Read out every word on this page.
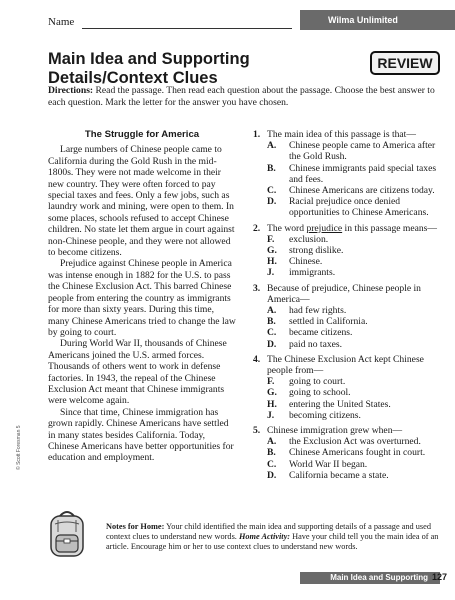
Name	Wilma Unlimited
Main Idea and Supporting Details/Context Clues
REVIEW
Directions: Read the passage. Then read each question about the passage. Choose the best answer to each question. Mark the letter for the answer you have chosen.
The Struggle for America

Large numbers of Chinese people came to California during the Gold Rush in the mid-1800s. They were not made welcome in their new country. They were often forced to pay special taxes and fees. Only a few jobs, such as laundry work and mining, were open to them. In some places, schools refused to accept Chinese children. No state let them argue in court against non-Chinese people, and they were not allowed to become citizens.

Prejudice against Chinese people in America was intense enough in 1882 for the U.S. to pass the Chinese Exclusion Act. This barred Chinese people from entering the country as immigrants for more than sixty years. During this time, many Chinese Americans tried to change the law by going to court.

During World War II, thousands of Chinese Americans joined the U.S. armed forces. Thousands of others went to work in defense factories. In 1943, the repeal of the Chinese Exclusion Act meant that Chinese immigrants were welcome again.

Since that time, Chinese immigration has grown rapidly. Chinese Americans have settled in many states besides California. Today, Chinese Americans have better opportunities for education and employment.

1. The main idea of this passage is that—
A.	Chinese people came to America after the Gold Rush.
B.	Chinese immigrants paid special taxes and fees.
C.	Chinese Americans are citizens today.
D.	Racial prejudice once denied opportunities to Chinese Americans.
2. The word prejudice in this passage means—
F.	exclusion.
G.	strong dislike.
H.	Chinese.
J.	immigrants.
3. Because of prejudice, Chinese people in America—
A.	had few rights.
B.	settled in California.
C.	became citizens.
D.	paid no taxes.
4. The Chinese Exclusion Act kept Chinese people from—
F.	going to court.
G.	going to school.
H.	entering the United States.
J.	becoming citizens.
5. Chinese immigration grew when—
A.	the Exclusion Act was overturned.
B.	Chinese Americans fought in court.
C.	World War II began.
D.	California became a state.
© Scott Foresman 5
Notes for Home: Your child identified the main idea and supporting details of a passage and used context clues to understand new words. Home Activity: Have your child tell you the main idea of an article. Encourage him or her to use context clues to understand new words.
Main Idea and Supporting Details/Context Clues
127
